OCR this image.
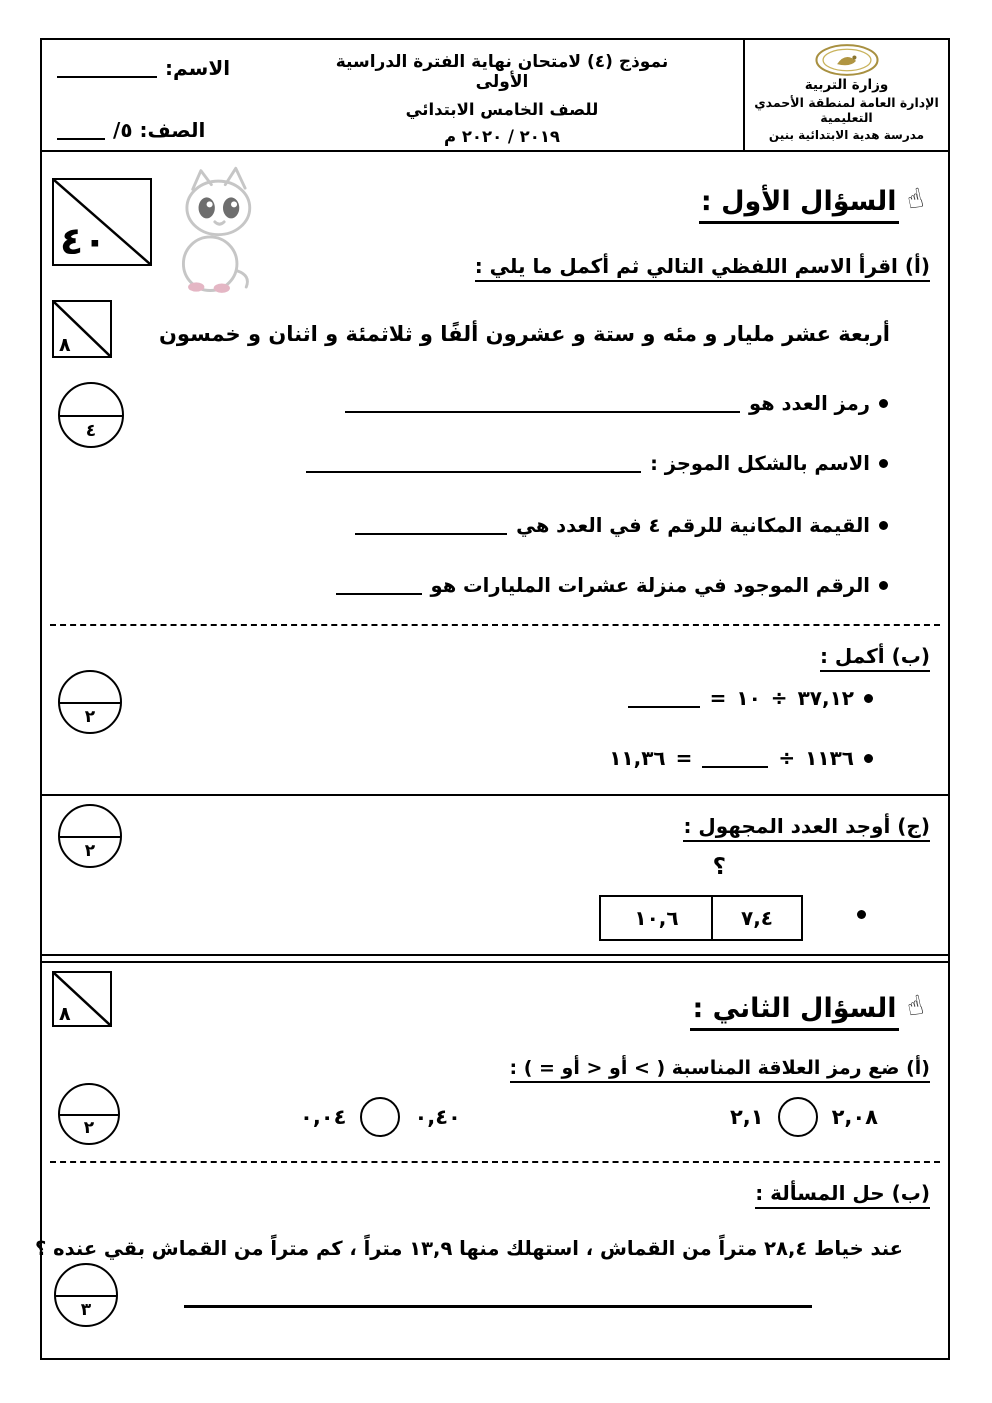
وزارة التربية
الإدارة العامة لمنطقة الأحمدي التعليمية
مدرسة هدية الابتدائية بنين
نموذج (٤) لامتحان نهاية الفترة الدراسية الأولى
للصف الخامس الابتدائي
٢٠١٩ / ٢٠٢٠ م
الاسم:
الصف: ٥/
٤٠
٨
٤
☝
السؤال الأول :
(أ) اقرأ الاسم اللفظي التالي ثم أكمل ما يلي :
أربعة عشر مليار و مئه و ستة و عشرون ألفًا و ثلاثمئة و اثنان و خمسون
رمز العدد هو
الاسم بالشكل الموجز :
القيمة المكانية للرقم ٤ في العدد هي
الرقم الموجود في منزلة عشرات المليارات هو
(ب) أكمل :
٢
٣٧,١٢
÷
١٠
=
١١٣٦
÷
=
١١,٣٦
(ج) أوجد العدد المجهول :
٢
؟
٧,٤
١٠,٦
٨	☝
السؤال الثاني :
(أ) ضع رمز العلاقة المناسبة ( > أو < أو = ) :
٢	٢,٠٨
٢,١
٠,٤٠
٠,٠٤
(ب) حل المسألة :
عند خياط ٢٨,٤ متراً من القماش ، استهلك منها ١٣,٩ متراً ، كم متراً من القماش بقي عنده ؟
٣
